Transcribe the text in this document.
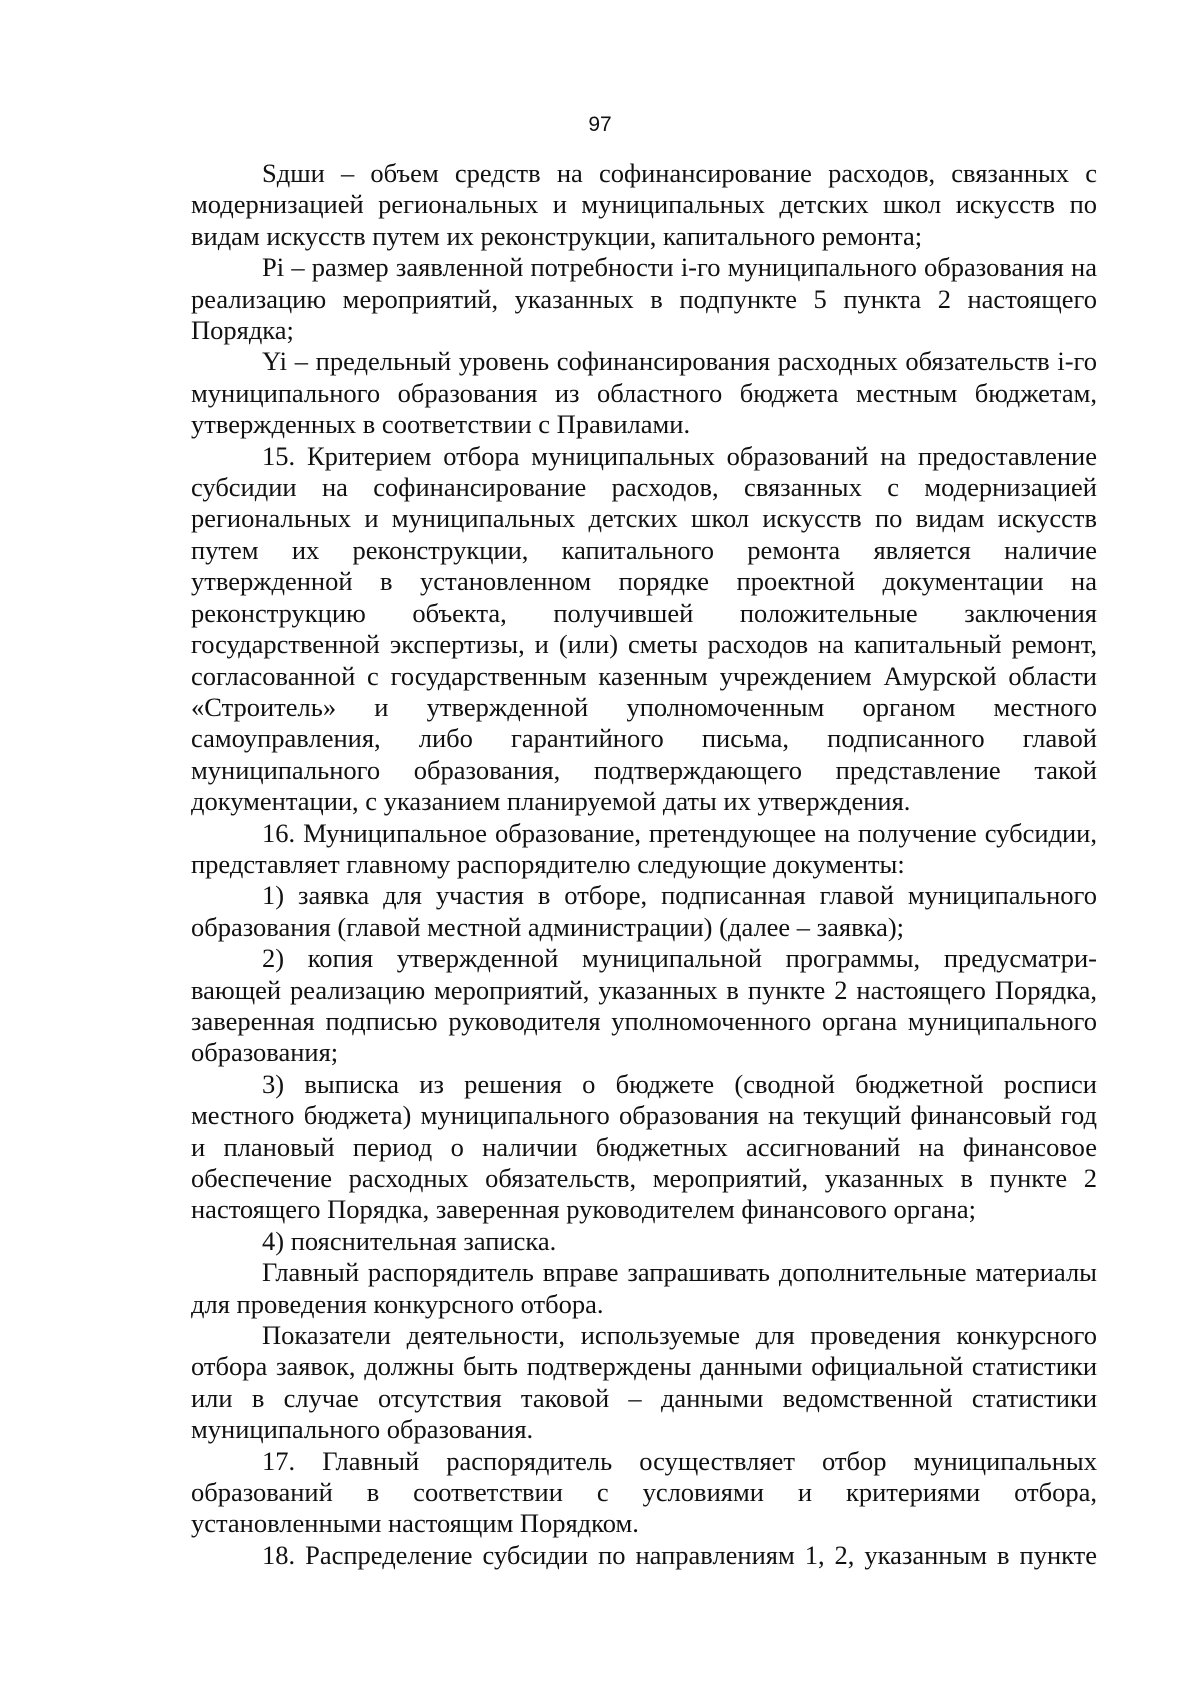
97

Sдши – объем средств на софинансирование расходов, связанных с модернизацией региональных и муниципальных детских школ искусств по видам искусств путем их реконструкции, капитального ремонта;

Pi – размер заявленной потребности i-го муниципального образования на реализацию мероприятий, указанных в подпункте 5 пункта 2 настоящего Порядка;

Yi – предельный уровень софинансирования расходных обязательств i-го муниципального образования из областного бюджета местным бюджетам, утвержденных в соответствии с Правилами.

15. Критерием отбора муниципальных образований на предоставление субсидии на софинансирование расходов, связанных с модернизацией региональных и муниципальных детских школ искусств по видам искусств путем их реконструкции, капитального ремонта является наличие утвержденной в установленном порядке проектной документации на реконструкцию объекта, получившей положительные заключения государственной экспертизы, и (или) сметы расходов на капитальный ремонт, согласованной с государственным казенным учреждением Амурской области «Строитель» и утвержденной уполномоченным органом местного самоуправления, либо гарантийного письма, подписанного главой муниципального образования, подтверждающего представление такой документации, с указанием планируемой даты их утверждения.

16. Муниципальное образование, претендующее на получение субсидии, представляет главному распорядителю следующие документы:

1) заявка для участия в отборе, подписанная главой муниципального образования (главой местной администрации) (далее – заявка);

2) копия утвержденной муниципальной программы, предусматри-вающей реализацию мероприятий, указанных в пункте 2 настоящего Порядка, заверенная подписью руководителя уполномоченного органа муниципального образования;

3) выписка из решения о бюджете (сводной бюджетной росписи местного бюджета) муниципального образования на текущий финансовый год и плановый период о наличии бюджетных ассигнований на финансовое обеспечение расходных обязательств, мероприятий, указанных в пункте 2 настоящего Порядка, заверенная руководителем финансового органа;

4) пояснительная записка.

Главный распорядитель вправе запрашивать дополнительные материалы для проведения конкурсного отбора.

Показатели деятельности, используемые для проведения конкурсного отбора заявок, должны быть подтверждены данными официальной статистики или в случае отсутствия таковой – данными ведомственной статистики муниципального образования.

17. Главный распорядитель осуществляет отбор муниципальных образований в соответствии с условиями и критериями отбора, установленными настоящим Порядком.

18. Распределение субсидии по направлениям 1, 2, указанным в пункте
